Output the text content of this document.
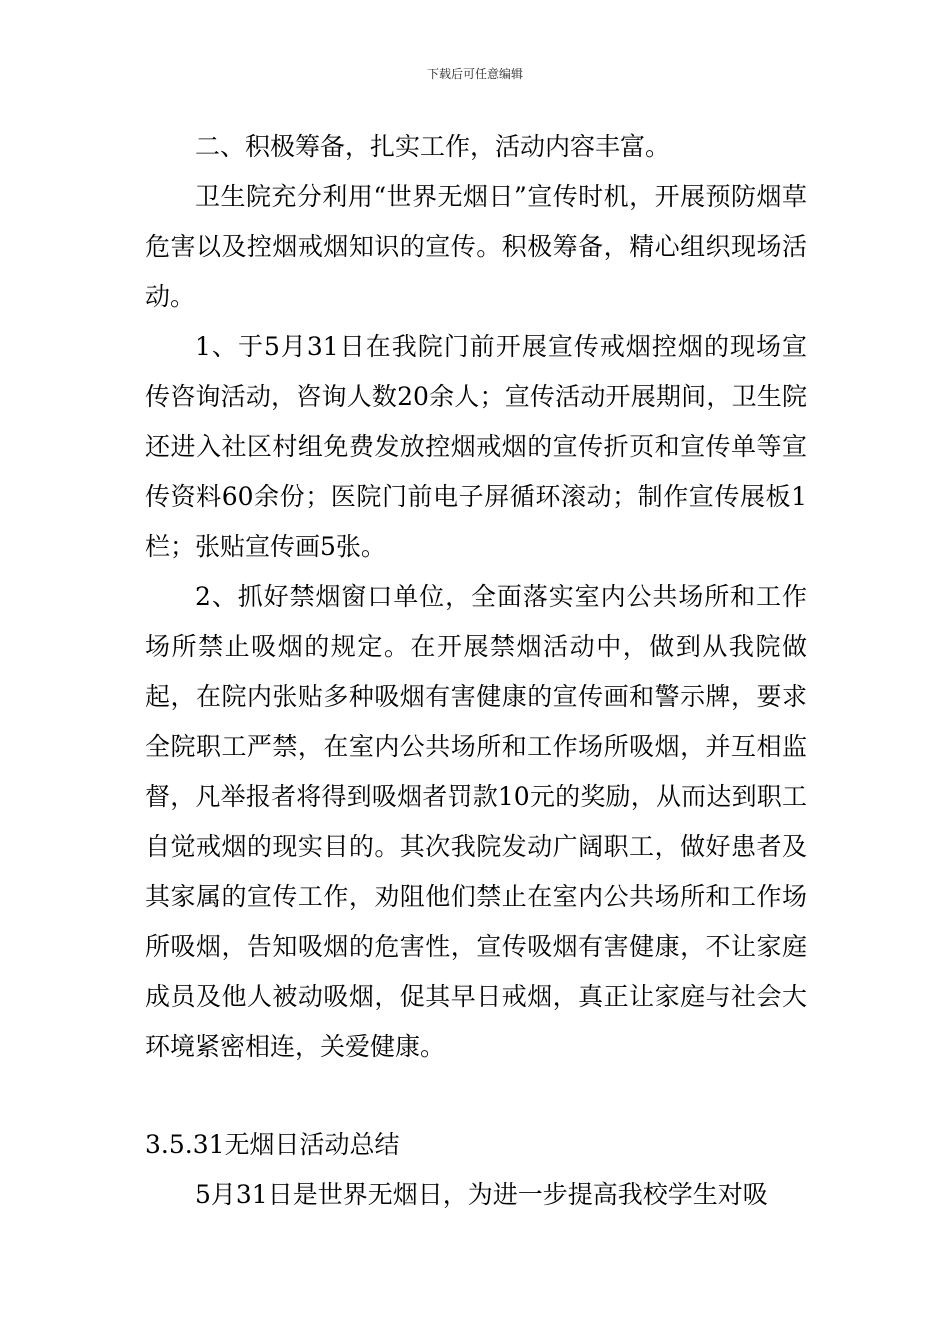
下载后可任意编辑

二、积极筹备，扎实工作，活动内容丰富。

卫生院充分利用“世界无烟日”宣传时机，开展预防烟草危害以及控烟戒烟知识的宣传。积极筹备，精心组织现场活动。

1、于5月31日在我院门前开展宣传戒烟控烟的现场宣传咨询活动，咨询人数20余人；宣传活动开展期间，卫生院还进入社区村组免费发放控烟戒烟的宣传折页和宣传单等宣传资料60余份；医院门前电子屏循环滚动；制作宣传展板1栏；张贴宣传画5张。

2、抓好禁烟窗口单位，全面落实室内公共场所和工作场所禁止吸烟的规定。在开展禁烟活动中，做到从我院做起，在院内张贴多种吸烟有害健康的宣传画和警示牌，要求全院职工严禁，在室内公共场所和工作场所吸烟，并互相监督，凡举报者将得到吸烟者罚款10元的奖励，从而达到职工自觉戒烟的现实目的。其次我院发动广阔职工，做好患者及其家属的宣传工作，劝阻他们禁止在室内公共场所和工作场所吸烟，告知吸烟的危害性，宣传吸烟有害健康，不让家庭成员及他人被动吸烟，促其早日戒烟，真正让家庭与社会大环境紧密相连，关爱健康。

3.5.31无烟日活动总结

5月31日是世界无烟日，为进一步提高我校学生对吸
